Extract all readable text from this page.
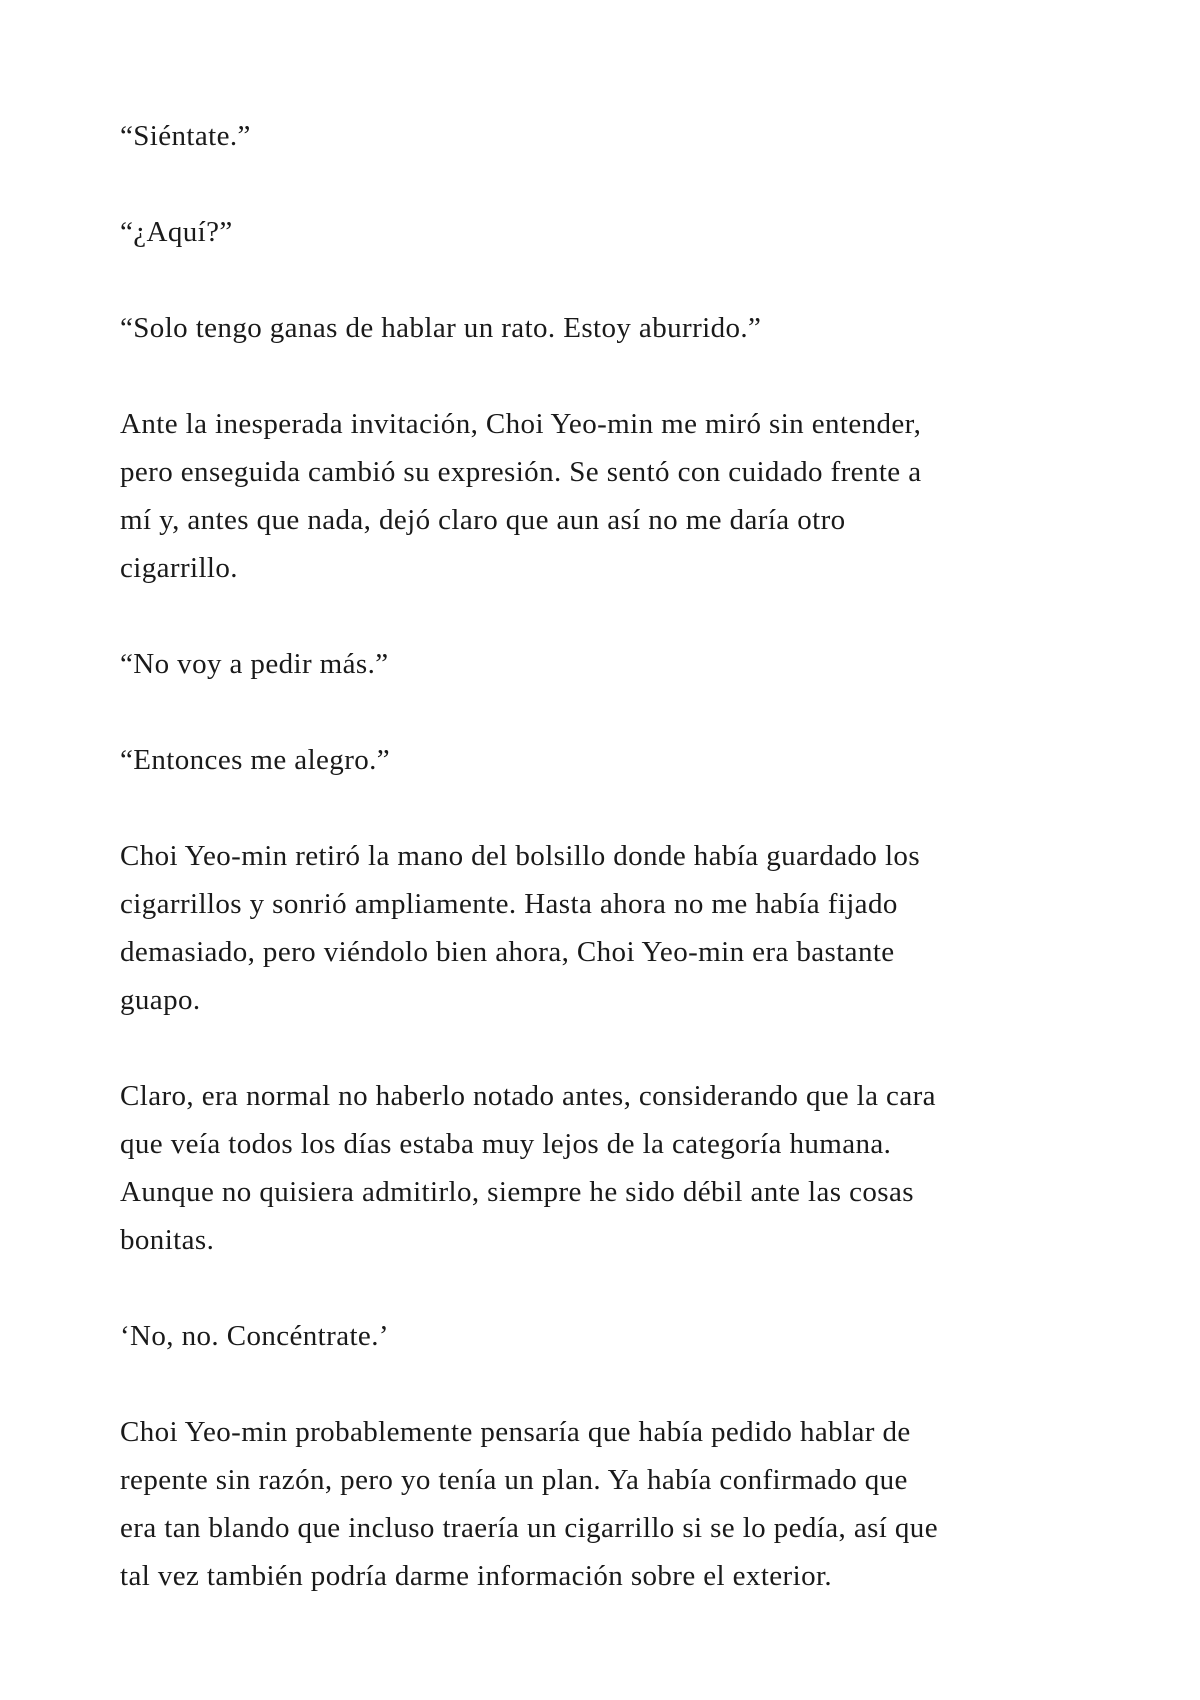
“Siéntate.”

“¿Aquí?”

“Solo tengo ganas de hablar un rato. Estoy aburrido.”

Ante la inesperada invitación, Choi Yeo-min me miró sin entender,
pero enseguida cambió su expresión. Se sentó con cuidado frente a
mí y, antes que nada, dejó claro que aun así no me daría otro
cigarrillo.

“No voy a pedir más.”

“Entonces me alegro.”

Choi Yeo-min retiró la mano del bolsillo donde había guardado los
cigarrillos y sonrió ampliamente. Hasta ahora no me había fijado
demasiado, pero viéndolo bien ahora, Choi Yeo-min era bastante
guapo.

Claro, era normal no haberlo notado antes, considerando que la cara
que veía todos los días estaba muy lejos de la categoría humana.
Aunque no quisiera admitirlo, siempre he sido débil ante las cosas
bonitas.

‘No, no. Concéntrate.’

Choi Yeo-min probablemente pensaría que había pedido hablar de
repente sin razón, pero yo tenía un plan. Ya había confirmado que
era tan blando que incluso traería un cigarrillo si se lo pedía, así que
tal vez también podría darme información sobre el exterior.
